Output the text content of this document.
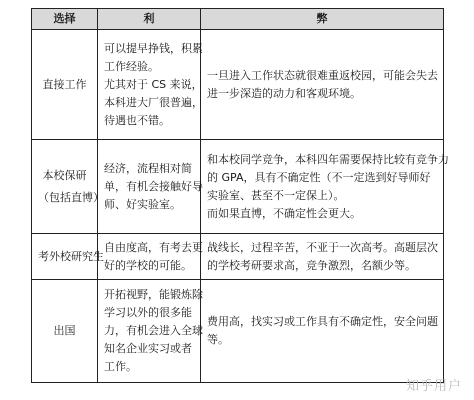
选择	利	弊

直接工作	可以提早挣钱，积累
工作经验。
尤其对于 CS 来说，
本科进大厂很普遍，
待遇也不错。	一旦进入工作状态就很难重返校园，可能会失去
进一步深造的动力和客观环境。

本校保研
（包括直博）	经济，流程相对简
单，有机会接触好导
师、好实验室。	和本校同学竞争，本科四年需要保持比较有竞争力
的 GPA，具有不确定性（不一定选到好导师好
实验室、甚至不一定保上）。
而如果直博，不确定性会更大。

考外校研究生	自由度高，有考去更
好的学校的可能。	战线长，过程辛苦，不亚于一次高考。高题层次
的学校考研要求高，竞争激烈，名额少等。

出国	开拓视野，能锻炼除
学习以外的很多能
力，有机会进入全球
知名企业实习或者
工作。	费用高，找实习或工作具有不确定性，安全问题
等。
知乎用户
